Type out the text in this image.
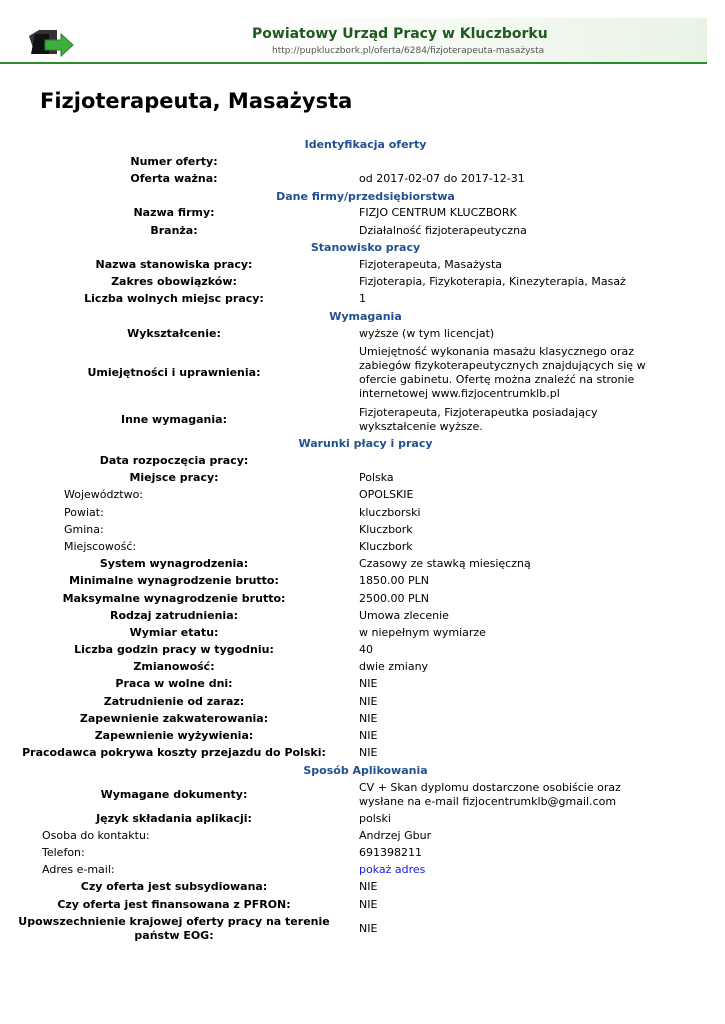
Powiatowy Urząd Pracy w Kluczborku
http://pupkluczbork.pl/oferta/6284/fizjoterapeuta-masażysta
Fizjoterapeuta, Masażysta
Identyfikacja oferty
Numer oferty:
Oferta ważna:	od 2017-02-07 do 2017-12-31
Dane firmy/przedsiębiorstwa
Nazwa firmy:	FIZJO CENTRUM KLUCZBORK
Branża:	Działalność fizjoterapeutyczna
Stanowisko pracy
Nazwa stanowiska pracy:	Fizjoterapeuta, Masażysta
Zakres obowiązków:	Fizjoterapia, Fizykoterapia, Kinezyterapia, Masaż
Liczba wolnych miejsc pracy:	1
Wymagania
Wykształcenie:	wyższe (w tym licencjat)
Umiejętności i uprawnienia:
Umiejętność wykonania masażu klasycznego oraz zabiegów fizykoterapeutycznych znajdujących się w ofercie gabinetu. Ofertę można znaleźć na stronie internetowej www.fizjocentrumklb.pl
Inne wymagania:
Fizjoterapeuta, Fizjoterapeutka posiadający wykształcenie wyższe.
Warunki płacy i pracy
Data rozpoczęcia pracy:
Miejsce pracy:	Polska
Województwo:	OPOLSKIE
Powiat:	kluczborski
Gmina:	Kluczbork
Miejscowość:	Kluczbork
System wynagrodzenia:	Czasowy ze stawką miesięczną
Minimalne wynagrodzenie brutto:	1850.00 PLN
Maksymalne wynagrodzenie brutto:	2500.00 PLN
Rodzaj zatrudnienia:	Umowa zlecenie
Wymiar etatu:	w niepełnym wymiarze
Liczba godzin pracy w tygodniu:	40
Zmianowość:	dwie zmiany
Praca w wolne dni:	NIE
Zatrudnienie od zaraz:	NIE
Zapewnienie zakwaterowania:	NIE
Zapewnienie wyżywienia:	NIE
Pracodawca pokrywa koszty przejazdu do Polski:	NIE
Sposób Aplikowania
Wymagane dokumenty:
CV + Skan dyplomu dostarczone osobiście oraz wysłane na e-mail fizjocentrumklb@gmail.com
Język składania aplikacji:	polski
Osoba do kontaktu:	Andrzej Gbur
Telefon:	691398211
Adres e-mail:	pokaż adres
Czy oferta jest subsydiowana:	NIE
Czy oferta jest finansowana z PFRON:	NIE
Upowszechnienie krajowej oferty pracy na terenie państw EOG:
NIE
